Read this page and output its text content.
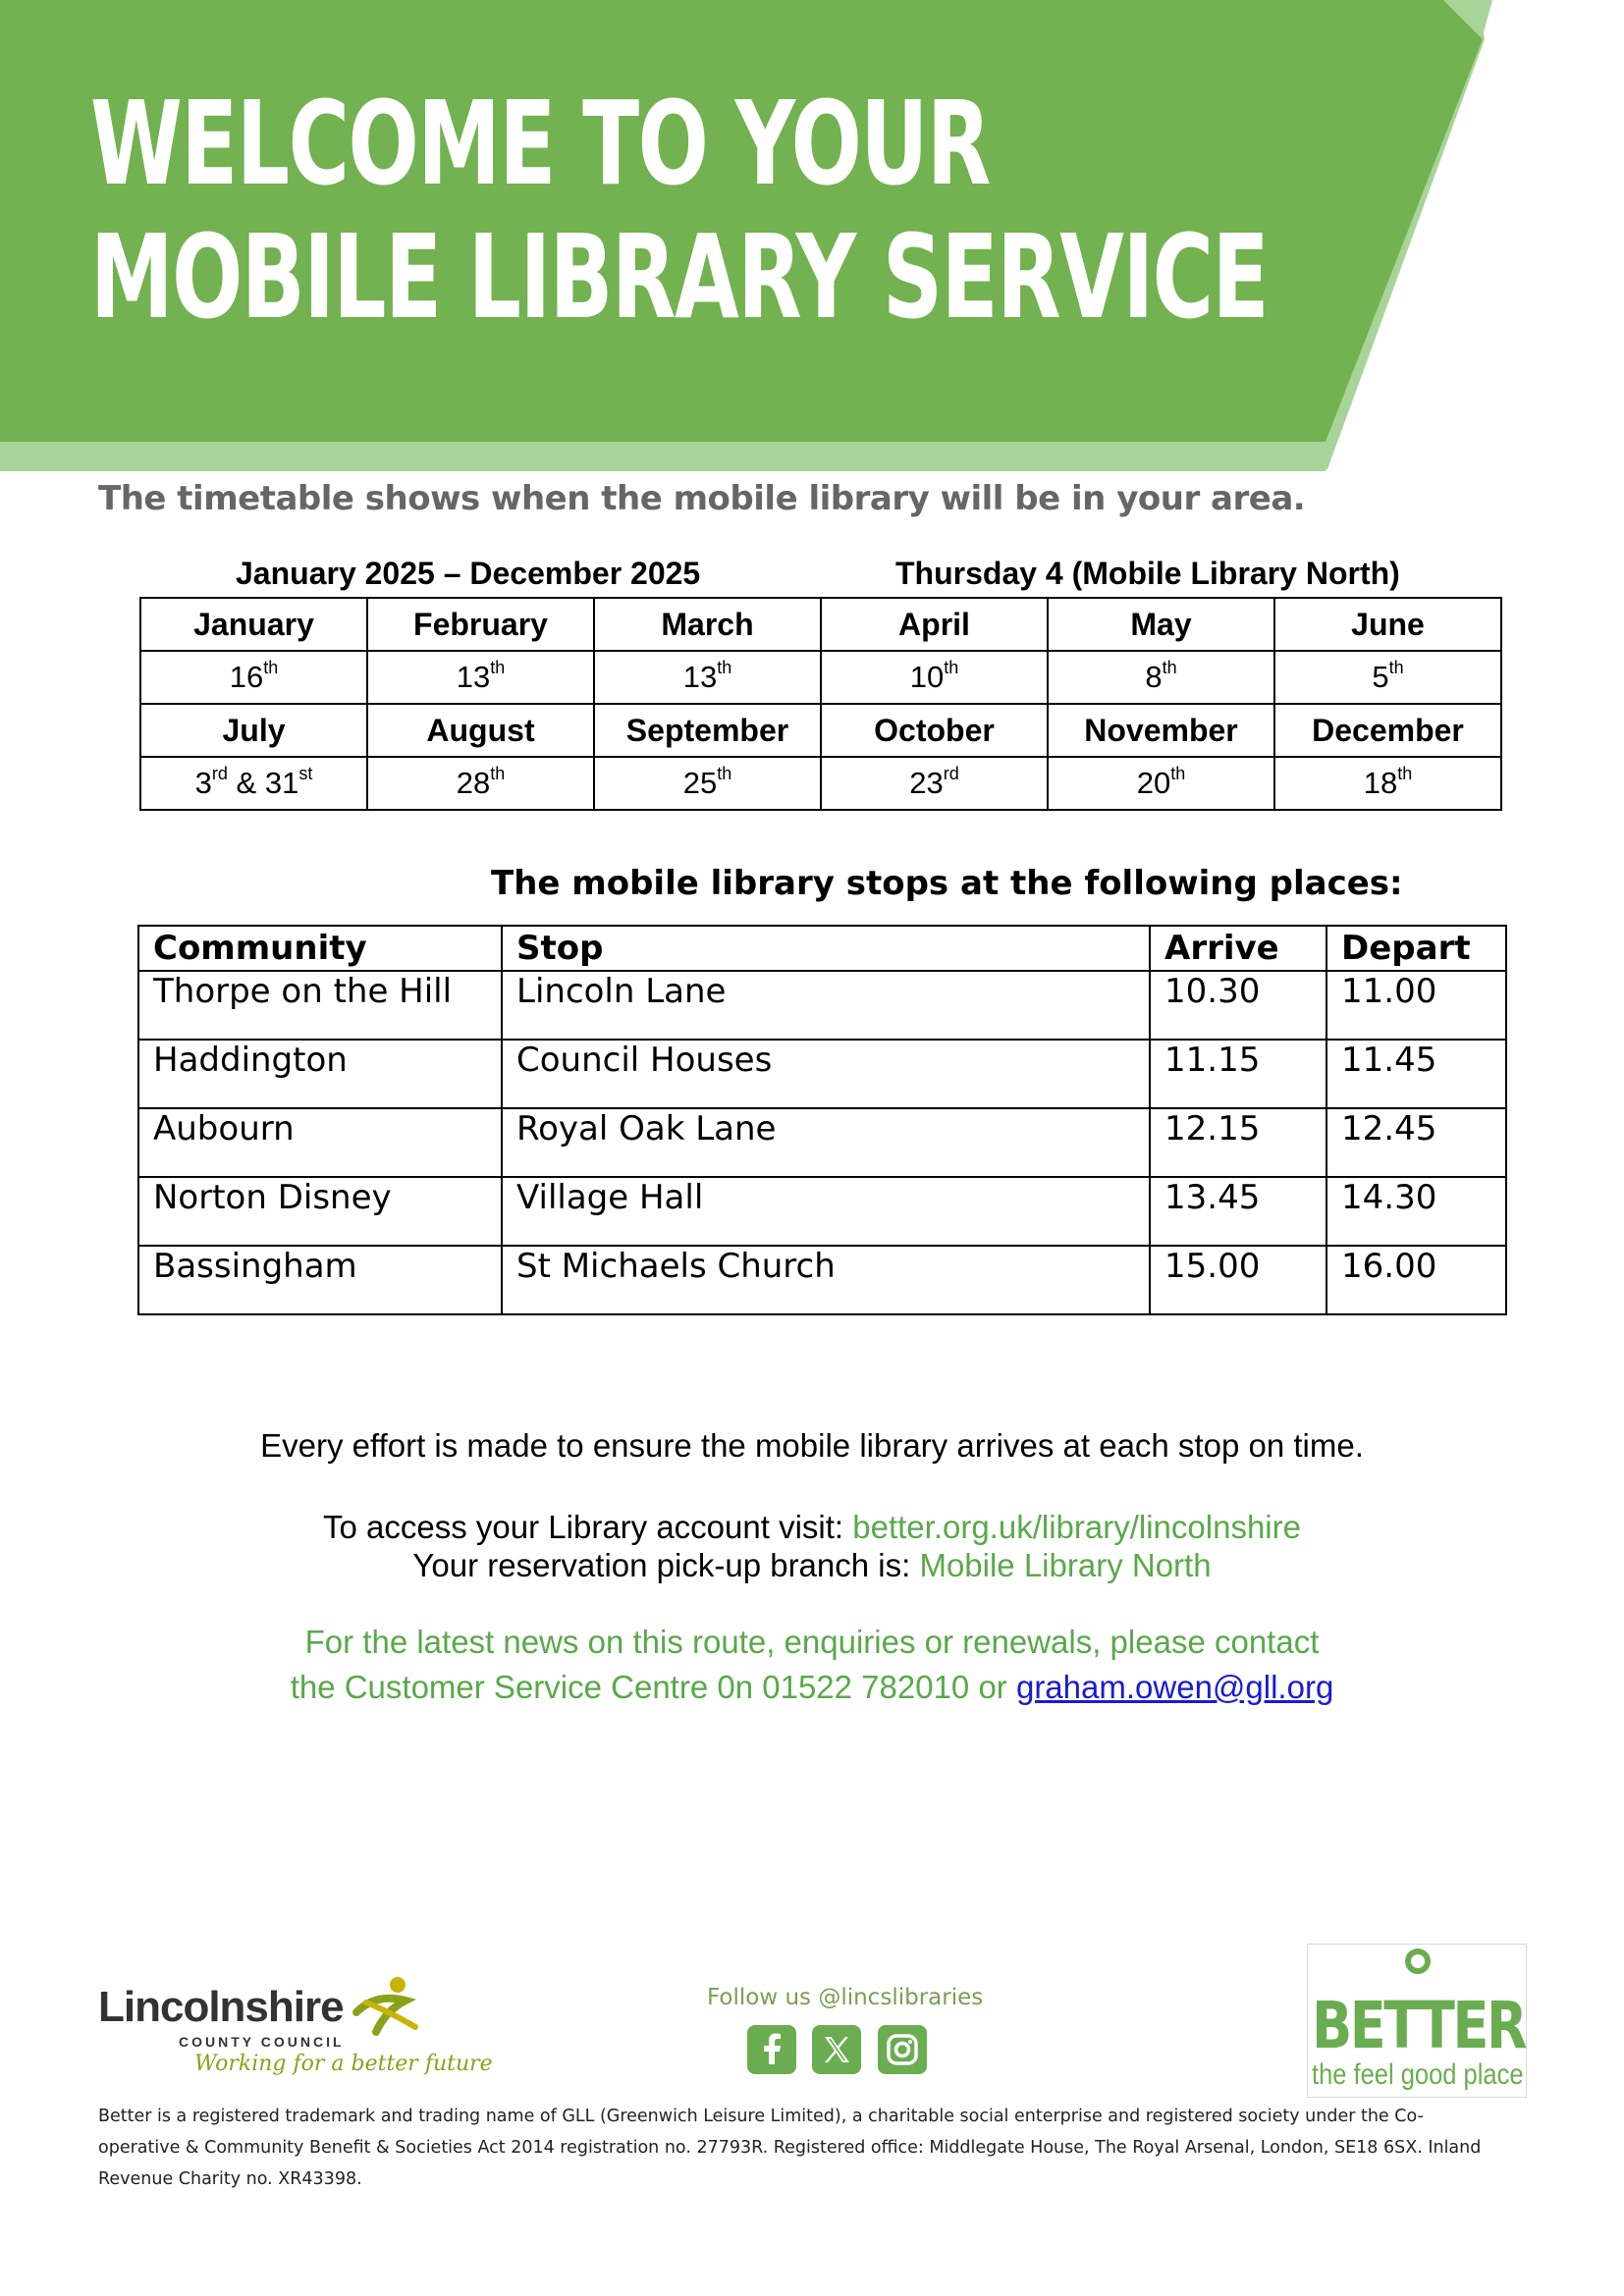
WELCOME TO YOUR
MOBILE LIBRARY SERVICE

The timetable shows when the mobile library will be in your area.

January 2025 – December 2025	Thursday 4 (Mobile Library North)
January	February	March	April	May	June
16th	13th	13th	10th	8th	5th
July	August	September	October	November	December
3rd & 31st	28th	25th	23rd	20th	18th
The mobile library stops at the following places:
Community	Stop	Arrive	Depart
Thorpe on the Hill	Lincoln Lane	10.30	11.00
Haddington	Council Houses	11.15	11.45
Aubourn	Royal Oak Lane	12.15	12.45
Norton Disney	Village Hall	13.45	14.30
Bassingham	St Michaels Church	15.00	16.00

Every effort is made to ensure the mobile library arrives at each stop on time.

To access your Library account visit: better.org.uk/library/lincolnshire

Your reservation pick-up branch is: Mobile Library North

For the latest news on this route, enquiries or renewals, please contact

the Customer Service Centre 0n 01522 782010 or graham.owen@gll.org

Lincolnshire
COUNTY COUNCIL
Working for a better future
Follow us @lincslibraries	BETTER
the feel good place

Better is a registered trademark and trading name of GLL (Greenwich Leisure Limited), a charitable social enterprise and registered society under the Co-operative & Community Benefit & Societies Act 2014 registration no. 27793R. Registered office: Middlegate House, The Royal Arsenal, London, SE18 6SX. Inland Revenue Charity no. XR43398.
